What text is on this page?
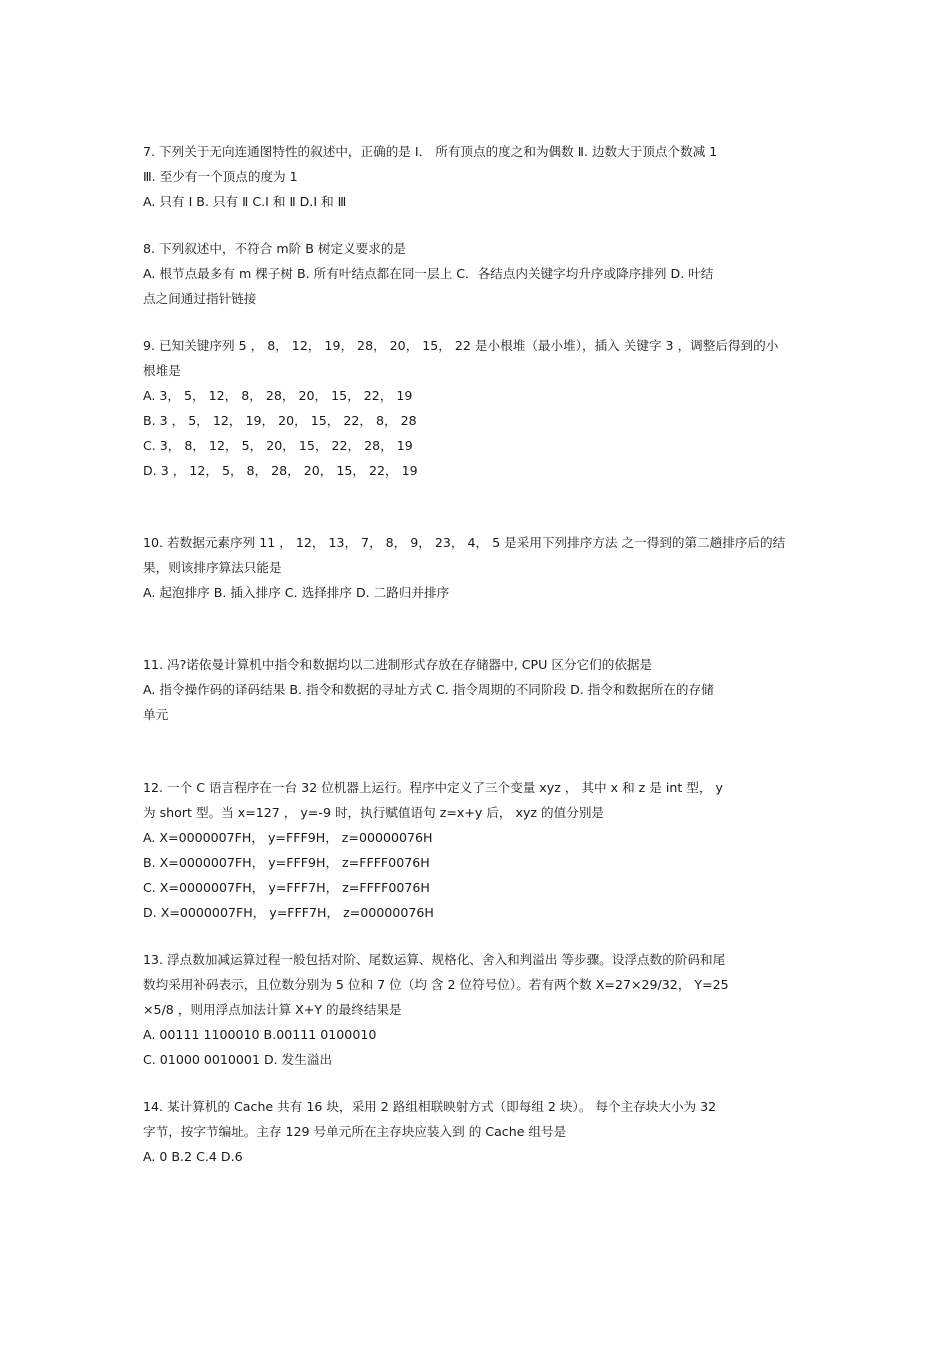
7. 下列关于无向连通图特性的叙述中，正确的是 Ⅰ． 所有顶点的度之和为偶数 Ⅱ. 边数大于顶点个数减 1
Ⅲ. 至少有一个顶点的度为 1
A. 只有 Ⅰ B. 只有 Ⅱ C.Ⅰ 和 Ⅱ D.Ⅰ 和 Ⅲ
8. 下列叙述中，不符合 m阶 B 树定义要求的是
A. 根节点最多有 m 棵子树 B. 所有叶结点都在同一层上 C．各结点内关键字均升序或降序排列 D. 叶结
点之间通过指针链接
9. 已知关键序列 5 ， 8， 12， 19， 28， 20， 15， 22 是小根堆（最小堆），插入 关键字 3 ，调整后得到的小
根堆是
A. 3， 5， 12， 8， 28， 20， 15， 22， 19
B. 3 ， 5， 12， 19， 20， 15， 22， 8， 28
C. 3， 8， 12， 5， 20， 15， 22， 28， 19
D. 3 ， 12， 5， 8， 28， 20， 15， 22， 19
10. 若数据元素序列 11 ， 12， 13， 7， 8， 9， 23， 4， 5 是采用下列排序方法 之一得到的第二趟排序后的结
果，则该排序算法只能是
A. 起泡排序 B. 插入排序 C. 选择排序 D. 二路归并排序
11. 冯?诺依曼计算机中指令和数据均以二进制形式存放在存储器中, CPU 区分它们的依据是
A. 指令操作码的译码结果 B. 指令和数据的寻址方式 C. 指令周期的不同阶段 D. 指令和数据所在的存储
单元
12. 一个 C 语言程序在一台 32 位机器上运行。程序中定义了三个变量 xyz ， 其中 x 和 z 是 int 型， y
为 short 型。当 x=127 ， y=-9 时，执行赋值语句 z=x+y 后， xyz 的值分别是
A. X=0000007FH， y=FFF9H， z=00000076H
B. X=0000007FH， y=FFF9H， z=FFFF0076H
C. X=0000007FH， y=FFF7H， z=FFFF0076H
D. X=0000007FH， y=FFF7H， z=00000076H
13. 浮点数加减运算过程一般包括对阶、尾数运算、规格化、舍入和判溢出 等步骤。设浮点数的阶码和尾
数均采用补码表示，且位数分别为 5 位和 7 位（均 含 2 位符号位）。若有两个数 X=27×29/32， Y=25
×5/8 ，则用浮点加法计算 X+Y 的最终结果是
A. 00111 1100010 B.00111 0100010
C. 01000 0010001 D. 发生溢出
14. 某计算机的 Cache 共有 16 块，采用 2 路组相联映射方式（即每组 2 块）。 每个主存块大小为 32
字节，按字节编址。主存 129 号单元所在主存块应装入到 的 Cache 组号是
A. 0 B.2 C.4 D.6
